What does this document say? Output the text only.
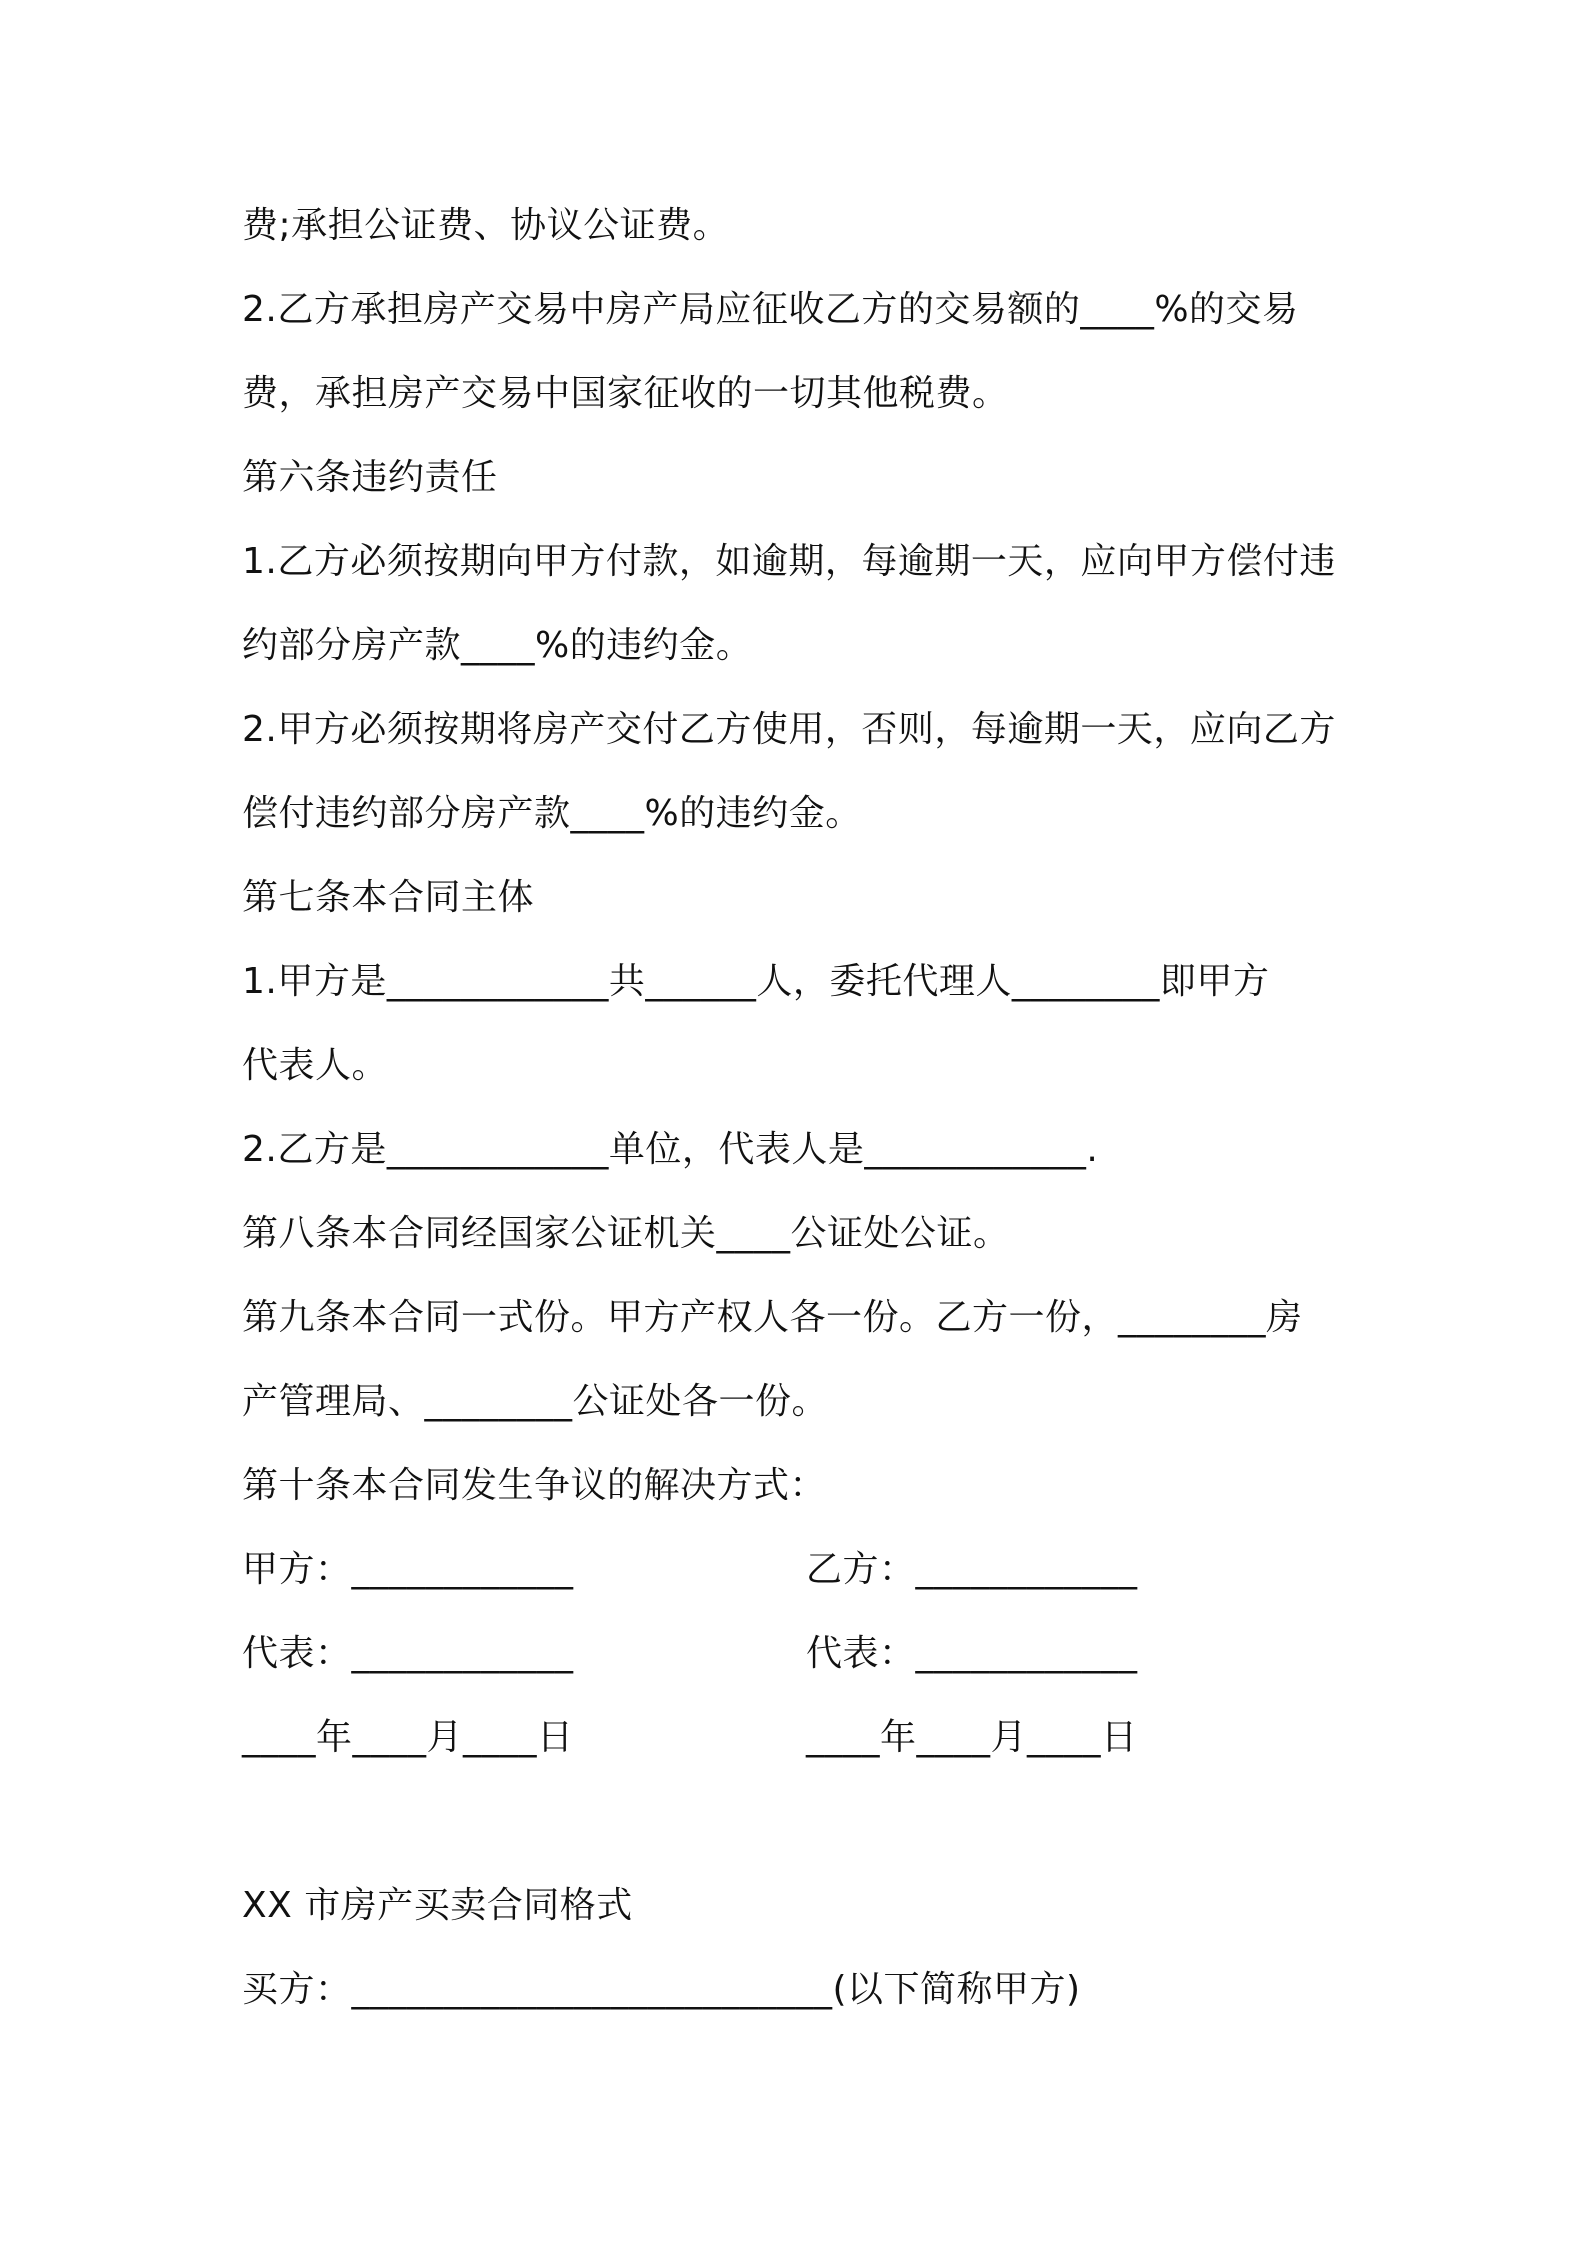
费;承担公证费、协议公证费。
2.乙方承担房产交易中房产局应征收乙方的交易额的____%的交易
费，承担房产交易中国家征收的一切其他税费。
第六条违约责任
1.乙方必须按期向甲方付款，如逾期，每逾期一天，应向甲方偿付违
约部分房产款____%的违约金。
2.甲方必须按期将房产交付乙方使用，否则，每逾期一天，应向乙方
偿付违约部分房产款____%的违约金。
第七条本合同主体
1.甲方是____________共______人，委托代理人________即甲方
代表人。
2.乙方是____________单位，代表人是____________.
第八条本合同经国家公证机关____公证处公证。
第九条本合同一式份。甲方产权人各一份。乙方一份，________房
产管理局、________公证处各一份。
第十条本合同发生争议的解决方式：
甲方：____________	乙方：____________
代表：____________	代表：____________
____年____月____日	____年____月____日
XX 市房产买卖合同格式
买方：__________________________(以下简称甲方)
